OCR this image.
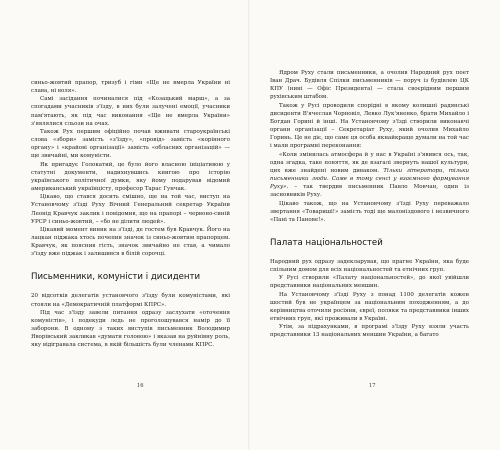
синьо-жовтий прапор, тризуб і гімн «Ще не вмерла України ні слава, ні воля».

Самі засідання починалися під «Козацький марш», а за спогадами учасників з'їзду, в них були залучені емоції, учасники пам'ятають, як під час виконання «Ще не вмерла України» з'являлися сльози на очах.

Також Рух першим офіційно почав вживати староукраїнські слова «збори» замість «з'їзду», «провід» замість «корінного органу» і «крайові організації» замість «обласних організацій» — ще звичайні, ми комуністи.

Як пригадує Голокатий, це було його власною ініціативою у статутні документи, надихнувшись книгою про історію українського політичної думки, яку йому подарував відомий американський українцісту, професор Тарас Гунчак.

Цікаво, що стався досить смішно, ще на той час, виступ на Установчому з'їзді Руху Вічний Генеральний секретар України Леонід Кравчук заклик і повідомив, що на прапорі – червоно-синій УРСР і синьо-жовтий, – «бо не ділити людей».

Цікавий момент виник на з'їзді, де гостем був Кравчук. Його на лацкан піджака хтось почепив значок із синьо-жовтим прапорцем. Кравчук, як пояснив гість, значок звичайно не став, а чимало з'їзду вже піджак і залишився в білій сорочці.

Письменники, комуністи і дисиденти

20 відсотків делегатів установчого з'їзду були комуністами, які стояли на «Демократичній платформі КПРС».

Під час з'їзду завели питання одразу заслухати «оточення комуністів», і подекуди ледь не проголошувався намір до її заборони. В одному з таких виступів письменник Володимир Яворівський закликав «думати головою» і вказав на руйнівну роль, яку відігравала система, в якій більшість були членами КПРС.

16

Ядром Руху стали письменники, а очолив Народний рух поет Іван Драч. Будівля Спілки письменників — поруч із будівлею ЦК КПУ (нині — Офіс Президента) — стала своєрідним першим рухівським штабом.

Також у Русі проводили спорідні в якому колишні радянські дисиденти В'ячеслав Чорновіл, Левко Лук'яненко, брати Михайло і Богдан Горині й інші. На Установчому з'їзді створили виконавчі органи організації – Секретаріат Руху, який очолив Михайло Горинь. Це не діє, що саме ця особа якнайкраще думали на той час і мали програмні переконання:

«Коли змінилась атмосфера й у нас в Україні з'явився ось, так, одна згадка, таке поняття, як де взагалі звернуть нашої культури, цих вже знайдені новим диваком. Тільки літератори, тільки письменники люди. Саме в тому сенсі у взаємного формування Руху». – так твердив письменник Павло Мовчан, один із засновників Руху.

Цікаво також, що на Установчому з'їзді Руху переважало звертання «Товариші!» замість тоді ще малоніздового і незвичного «Пані та Панове!».

Палата національностей

Народний рух одразу задекларував, що прагне України, яка буде спільним домом для всіх національностей та етнічних груп.

У Русі створили «Палату національностей», до якої увійшли представники національних меншин.

На Установчому з'їзді Руху з понад 1100 делегатів кожен шостий був не українцем за національним походженням, а до керівництва оточили росіяни, євреї, поляки та представники інших етнічних груп, які проживали в Україні.

Утім, за підрахунками, в програмі з'їзду Руху взяли участь представники 13 національних меншин України, а багато

17
